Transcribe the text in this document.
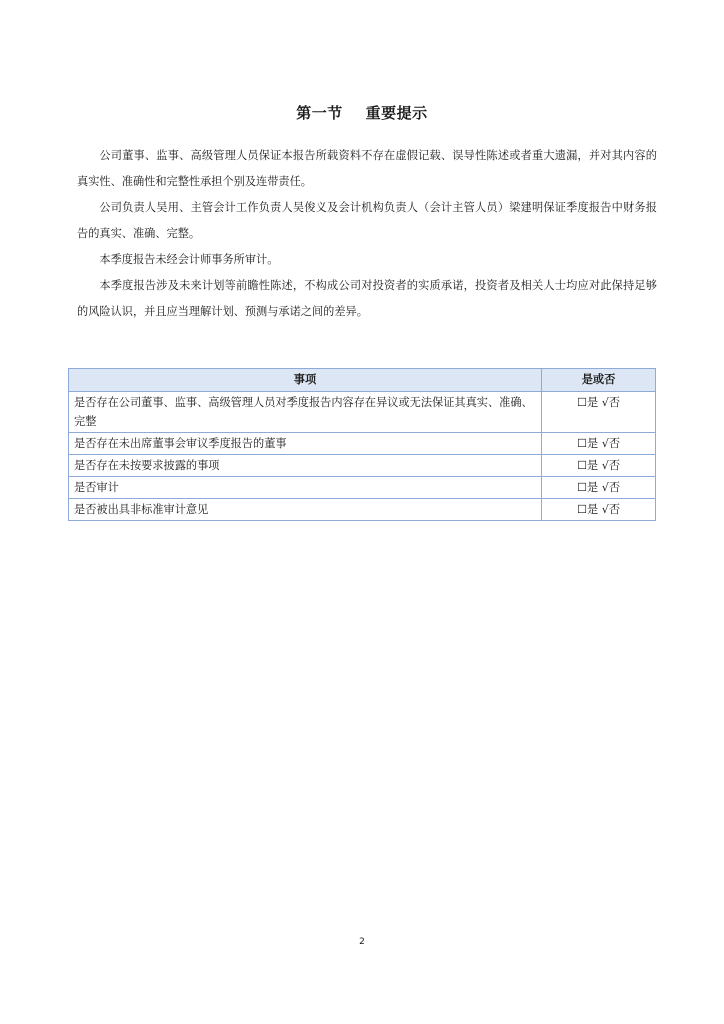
第一节    重要提示

公司董事、监事、高级管理人员保证本报告所载资料不存在虚假记载、误导性陈述或者重大遗漏，并对其内容的真实性、准确性和完整性承担个别及连带责任。

公司负责人吴用、主管会计工作负责人吴俊义及会计机构负责人（会计主管人员）梁建明保证季度报告中财务报告的真实、准确、完整。

本季度报告未经会计师事务所审计。

本季度报告涉及未来计划等前瞻性陈述，不构成公司对投资者的实质承诺，投资者及相关人士均应对此保持足够的风险认识，并且应当理解计划、预测与承诺之间的差异。

事项	是或否
是否存在公司董事、监事、高级管理人员对季度报告内容存在异议或无法保证其真实、准确、完整	☐是 √否
是否存在未出席董事会审议季度报告的董事	☐是 √否
是否存在未按要求披露的事项	☐是 √否
是否审计	☐是 √否
是否被出具非标准审计意见	☐是 √否
2
